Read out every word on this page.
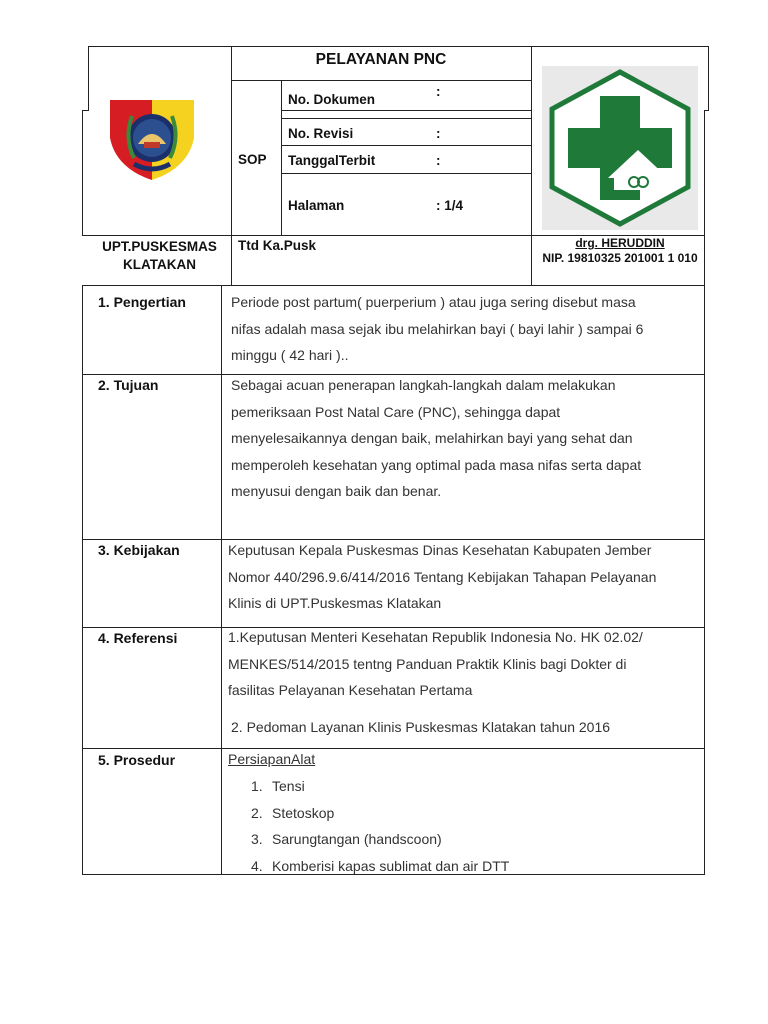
PELAYANAN PNC
SOP
No. Dokumen
:
No. Revisi	:
TanggalTerbit	:
Halaman	: 1/4
UPT.PUSKESMAS
KLATAKAN
Ttd Ka.Pusk	drg. HERUDDIN
NIP. 19810325 201001 1 010
1. Pengertian	Periode post partum( puerperium ) atau juga sering disebut masa
nifas adalah masa sejak ibu melahirkan bayi ( bayi lahir ) sampai 6
minggu ( 42 hari )..
2. Tujuan	Sebagai acuan penerapan langkah-langkah dalam melakukan
pemeriksaan Post Natal Care (PNC), sehingga dapat
menyelesaikannya dengan baik, melahirkan bayi yang sehat dan
memperoleh kesehatan yang optimal pada masa nifas serta dapat
menyusui dengan baik dan benar.
3. Kebijakan	Keputusan Kepala Puskesmas Dinas Kesehatan Kabupaten Jember
Nomor 440/296.9.6/414/2016 Tentang Kebijakan Tahapan Pelayanan
Klinis di UPT.Puskesmas Klatakan
4. Referensi	1.Keputusan Menteri Kesehatan Republik Indonesia No. HK 02.02/
MENKES/514/2015 tentng Panduan Praktik Klinis bagi Dokter di
fasilitas Pelayanan Kesehatan Pertama
2. Pedoman Layanan Klinis Puskesmas Klatakan tahun 2016
5. Prosedur	PersiapanAlat
1. Tensi
2. Stetoskop
3. Sarungtangan (handscoon)
4. Komberisi kapas sublimat dan air DTT
